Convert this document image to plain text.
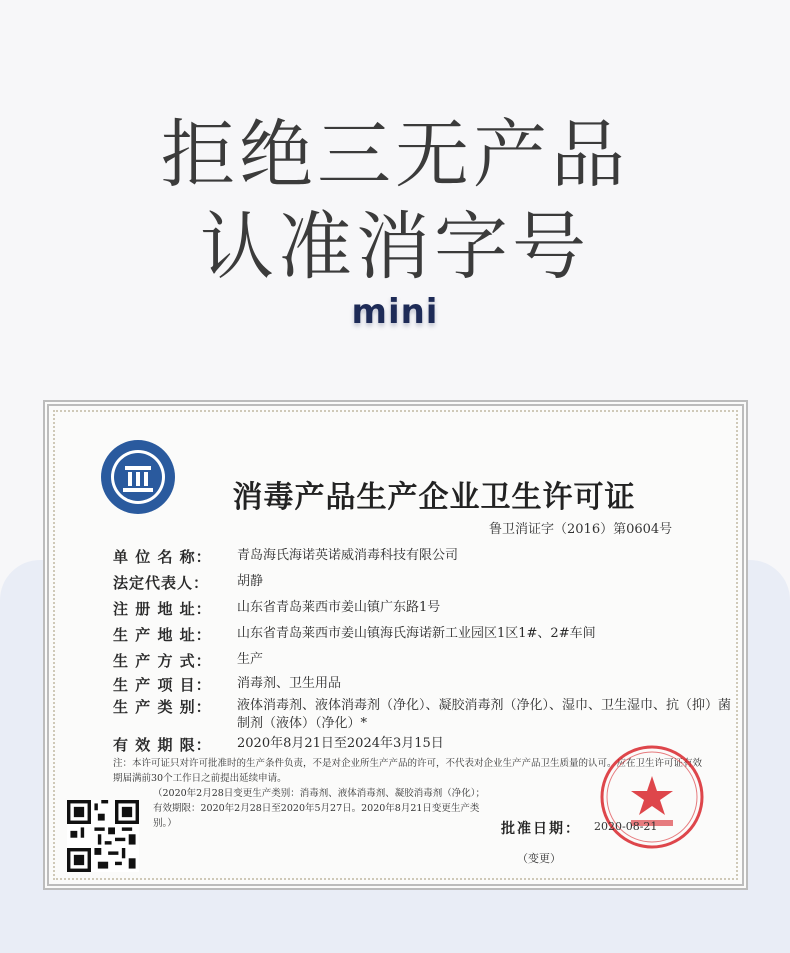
拒绝三无产品
认准消字号
mini
消毒产品生产企业卫生许可证
鲁卫消证字（2016）第0604号
单 位 名 称：	青岛海氏海诺英诺威消毒科技有限公司
法定代表人：	胡静
注 册 地 址：	山东省青岛莱西市姜山镇广东路1号
生 产 地 址：	山东省青岛莱西市姜山镇海氏海诺新工业园区1区1#、2#车间
生 产 方 式：	生产
生 产 项 目：	消毒剂、卫生用品
生 产 类 别：	液体消毒剂、液体消毒剂（净化）、凝胶消毒剂（净化）、湿巾、卫生湿巾、抗（抑）菌制剂（液体）（净化）*
有 效 期 限：	2020年8月21日至2024年3月15日
注：本许可证只对许可批准时的生产条件负责，不是对企业所生产产品的许可，不代表对企业生产产品卫生质量的认可。应在卫生许可证有效期届满前30个工作日之前提出延续申请。
（2020年2月28日变更生产类别：消毒剂、液体消毒剂、凝胶消毒剂（净化）；有效期限：2020年2月28日至2020年5月27日。2020年8月21日变更生产类别。）	批准日期： 2020-08-21
（变更）
